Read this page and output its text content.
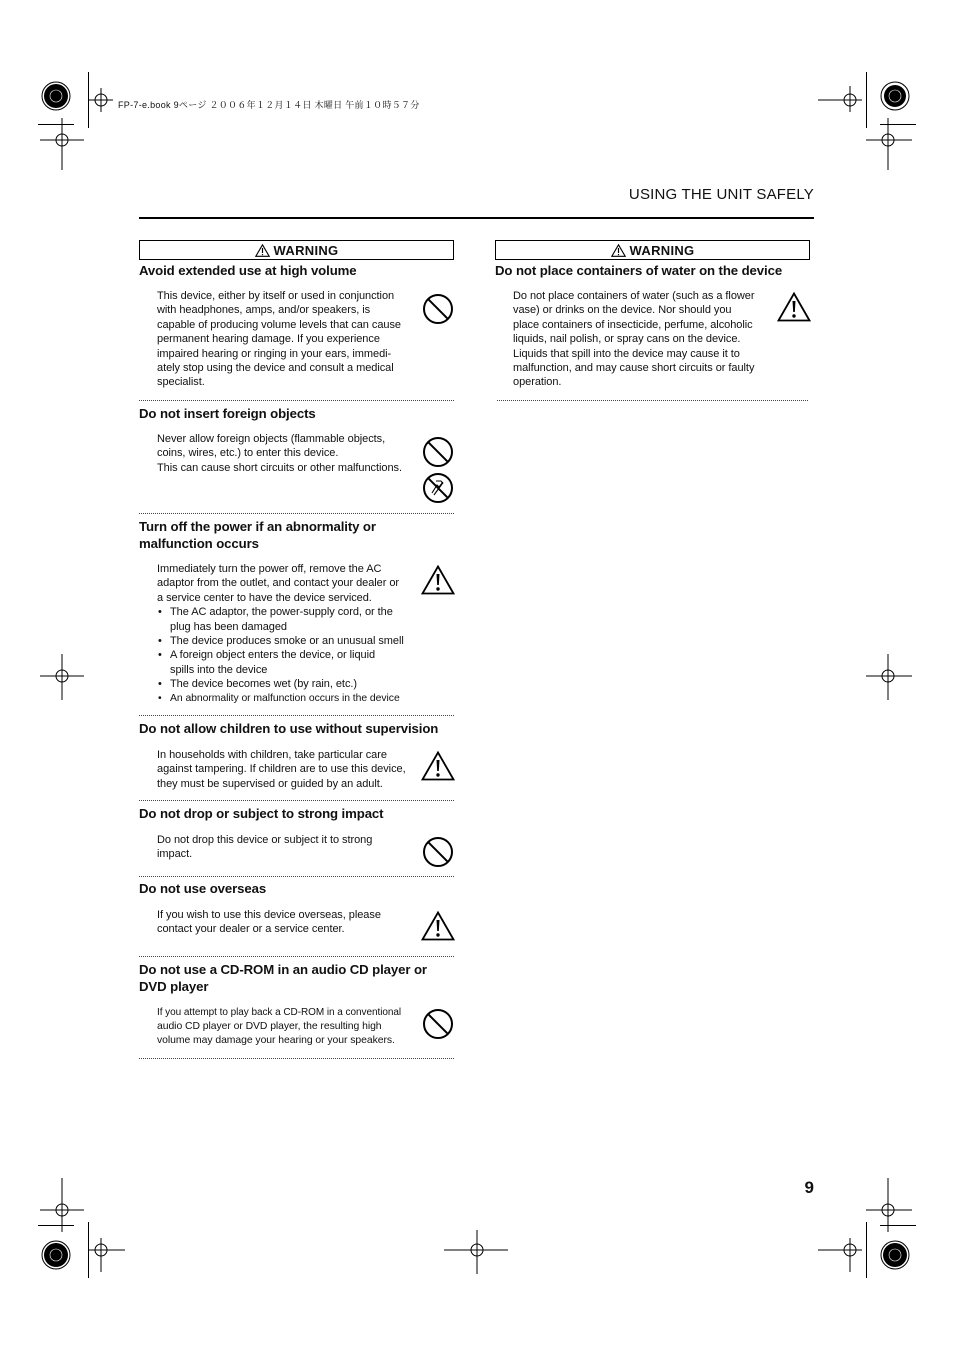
FP-7-e.book 9ページ ２００６年１２月１４日 木曜日 午前１０時５７分
USING THE UNIT SAFELY
WARNING
Avoid extended use at high volume
This device, either by itself or used in conjunction
with headphones, amps, and/or speakers, is
capable of producing volume levels that can cause
permanent hearing damage. If you experience
impaired hearing or ringing in your ears, immedi-
ately stop using the device and consult a medical
specialist.
Do not insert foreign objects
Never allow foreign objects (flammable objects,
coins, wires, etc.) to enter this device.
This can cause short circuits or other malfunctions.
Turn off the power if an abnormality or
malfunction occurs
Immediately turn the power off, remove the AC
adaptor from the outlet, and contact your dealer or
a service center to have the device serviced.
• The AC adaptor, the power-supply cord, or the
plug has been damaged
• The device produces smoke or an unusual smell
• A foreign object enters the device, or liquid
spills into the device
• The device becomes wet (by rain, etc.)
• An abnormality or malfunction occurs in the device
Do not allow children to use without supervision
In households with children, take particular care
against tampering. If children are to use this device,
they must be supervised or guided by an adult.
Do not drop or subject to strong impact
Do not drop this device or subject it to strong
impact.
Do not use overseas
If you wish to use this device overseas, please
contact your dealer or a service center.
Do not use a CD-ROM in an audio CD player or
DVD player
If you attempt to play back a CD-ROM in a conventional
audio CD player or DVD player, the resulting high
volume may damage your hearing or your speakers.
WARNING
Do not place containers of water on the device
Do not place containers of water (such as a flower
vase) or drinks on the device. Nor should you
place containers of insecticide, perfume, alcoholic
liquids, nail polish, or spray cans on the device.
Liquids that spill into the device may cause it to
malfunction, and may cause short circuits or faulty
operation.
9
